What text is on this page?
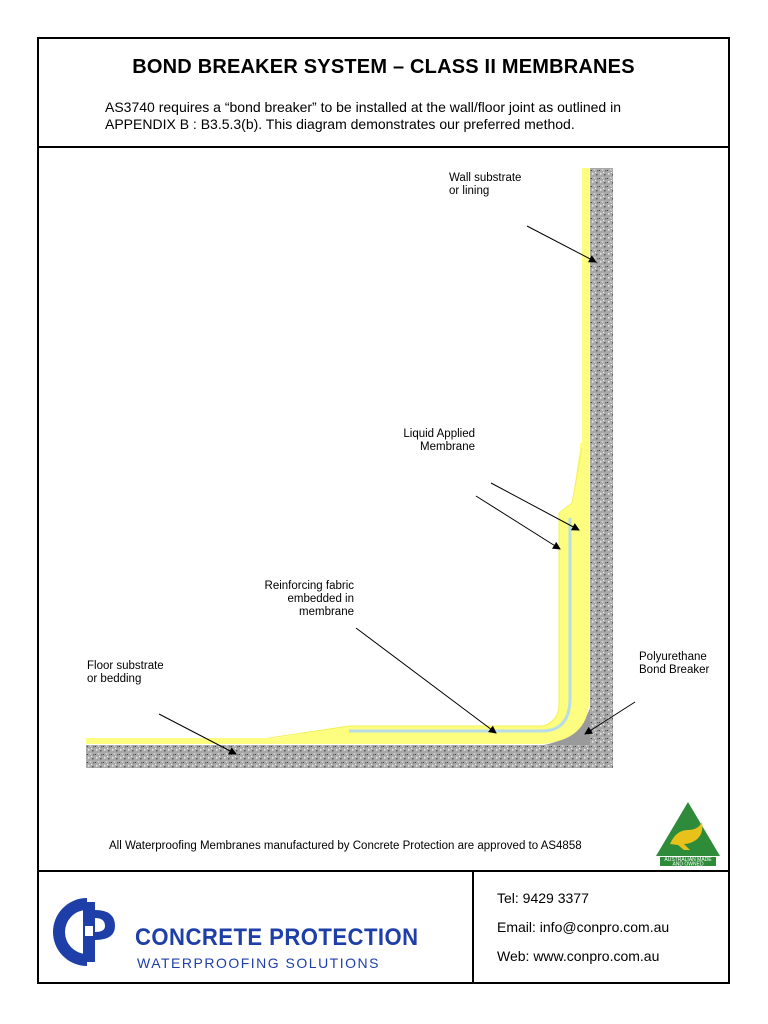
BOND BREAKER SYSTEM – CLASS II MEMBRANES
AS3740 requires a “bond breaker” to be installed at the wall/floor joint as outlined in
APPENDIX B : B3.5.3(b). This diagram demonstrates our preferred method.
Wall substrate
or lining
Liquid Applied
Membrane
Reinforcing fabric
embedded in
membrane
Floor substrate
or bedding
Polyurethane
Bond Breaker
All Waterproofing Membranes manufactured by Concrete Protection are approved to AS4858
AUSTRALIAN MADE
AND OWNED
CONCRETE PROTECTION
WATERPROOFING SOLUTIONS
Tel: 9429 3377
Email: info@conpro.com.au
Web: www.conpro.com.au
